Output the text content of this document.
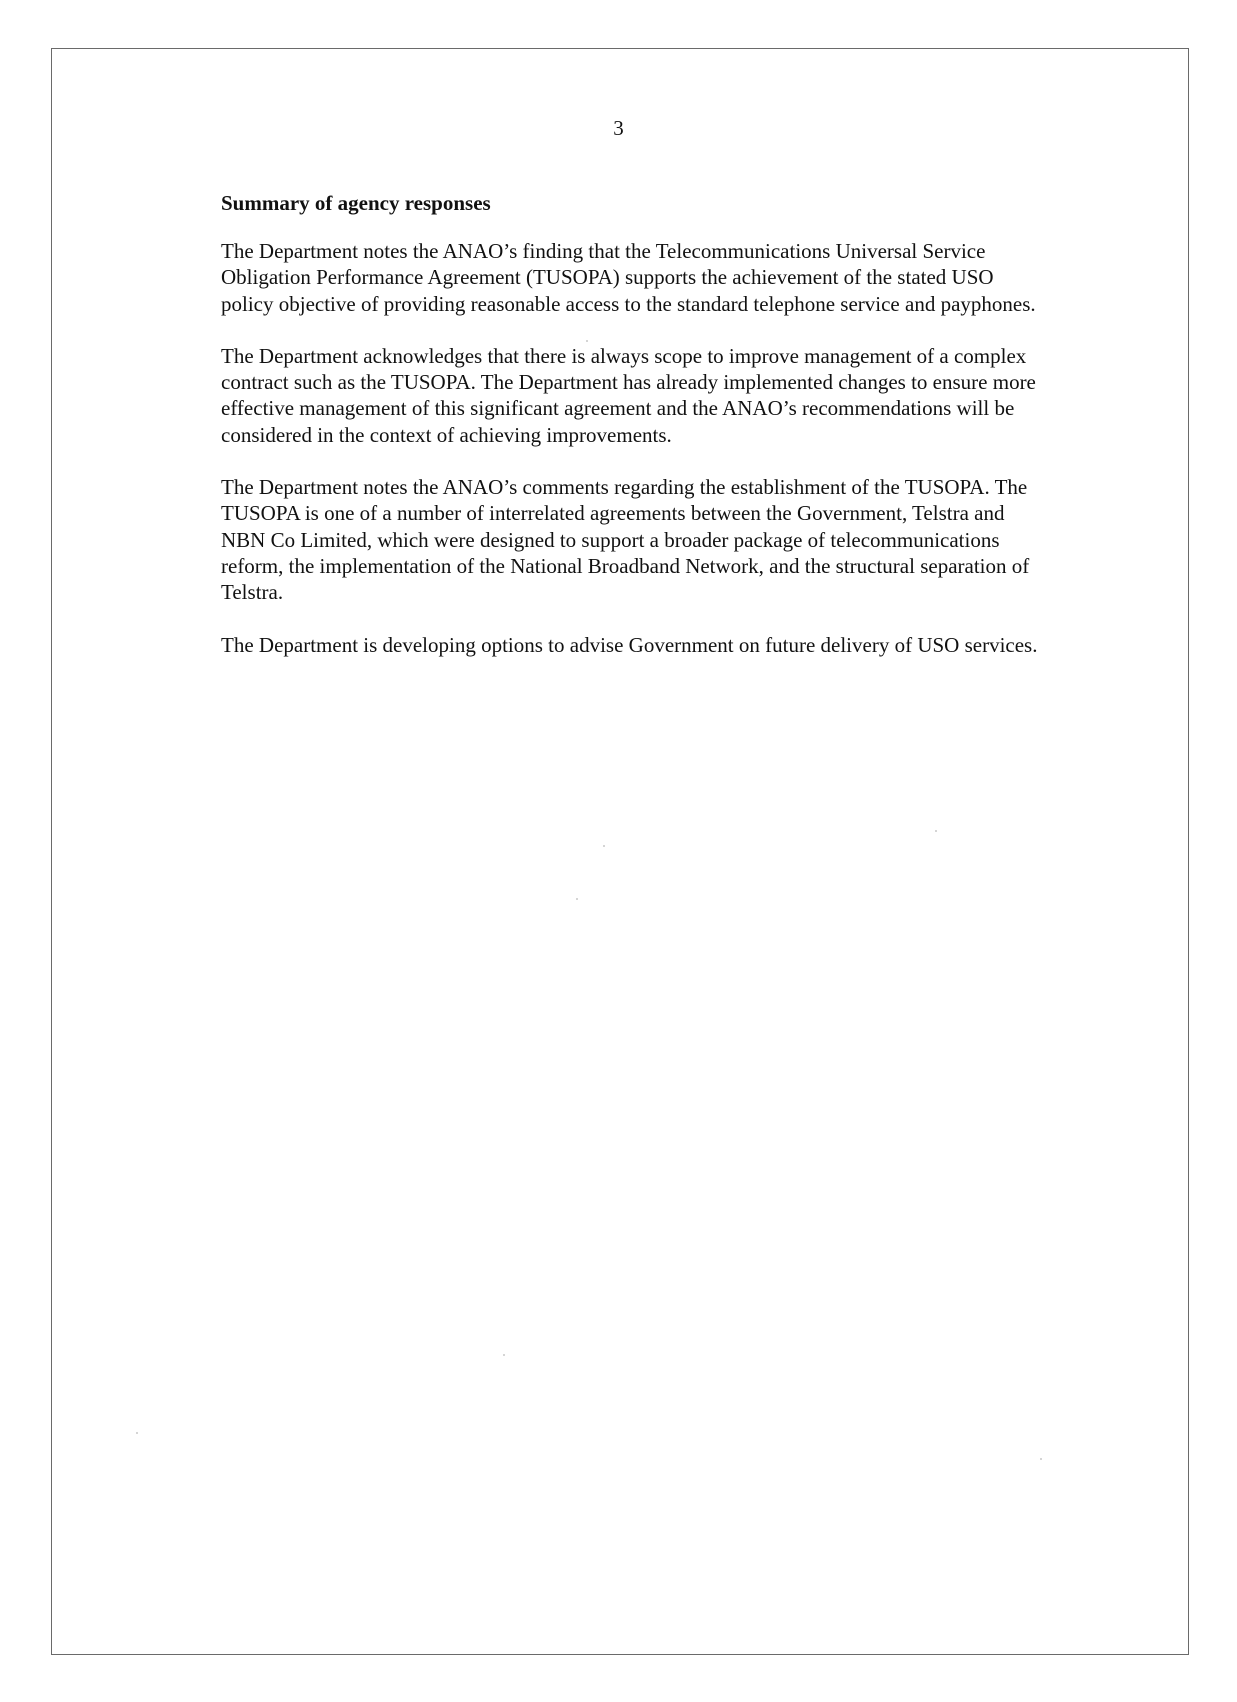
3
Summary of agency responses

The Department notes the ANAO’s finding that the Telecommunications Universal Service Obligation Performance Agreement (TUSOPA) supports the achievement of the stated USO policy objective of providing reasonable access to the standard telephone service and payphones.

The Department acknowledges that there is always scope to improve management of a complex contract such as the TUSOPA. The Department has already implemented changes to ensure more effective management of this significant agreement and the ANAO’s recommendations will be considered in the context of achieving improvements.

The Department notes the ANAO’s comments regarding the establishment of the TUSOPA. The TUSOPA is one of a number of interrelated agreements between the Government, Telstra and NBN Co Limited, which were designed to support a broader package of telecommunications reform, the implementation of the National Broadband Network, and the structural separation of Telstra.

The Department is developing options to advise Government on future delivery of USO services.
